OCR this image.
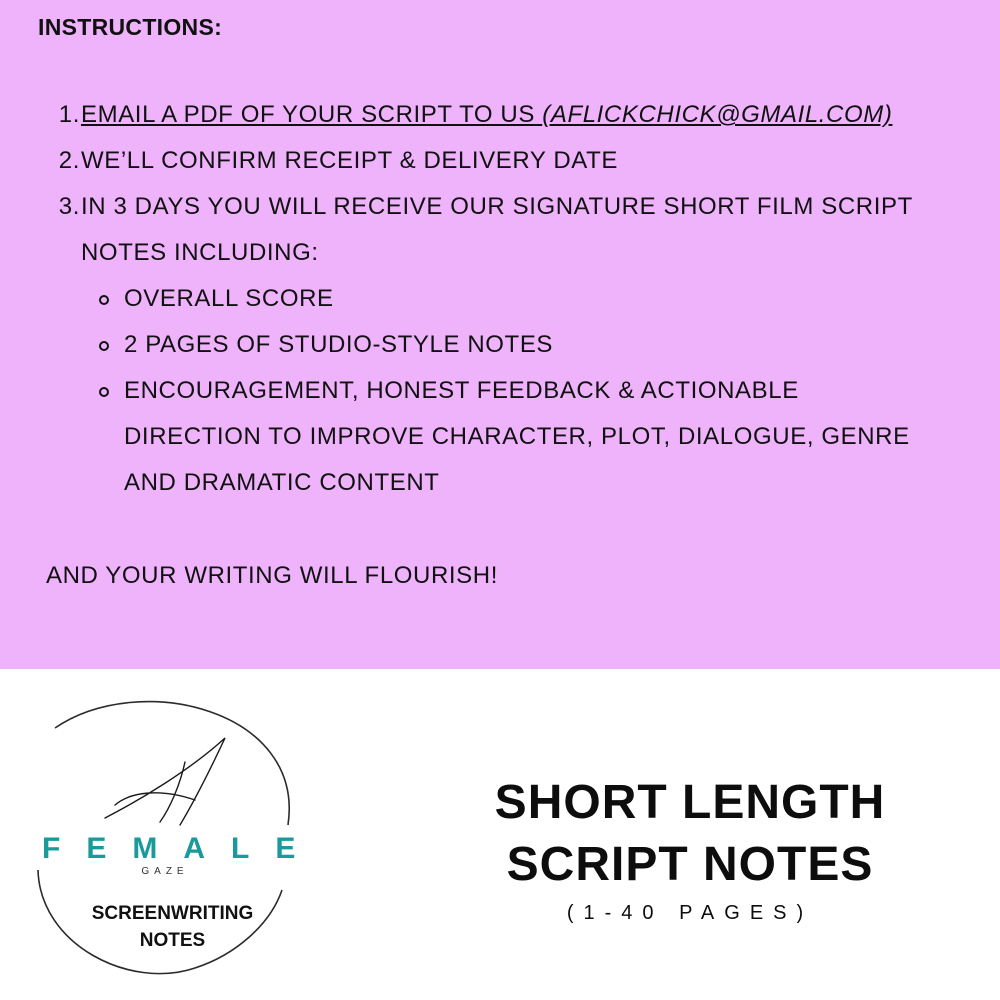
INSTRUCTIONS:
1. EMAIL A PDF OF YOUR SCRIPT TO US (AFLICKCHICK@GMAIL.COM)
2. WE’LL CONFIRM RECEIPT & DELIVERY DATE
3. IN 3 DAYS YOU WILL RECEIVE OUR SIGNATURE SHORT FILM SCRIPT
NOTES INCLUDING:
OVERALL SCORE
2 PAGES OF STUDIO-STYLE NOTES
ENCOURAGEMENT, HONEST FEEDBACK & ACTIONABLE
DIRECTION TO IMPROVE CHARACTER, PLOT, DIALOGUE, GENRE
AND DRAMATIC CONTENT
AND YOUR WRITING WILL FLOURISH!
FEMALE
GAZE
SCREENWRITING
NOTES
SHORT LENGTH
SCRIPT NOTES
(1-40 PAGES)
